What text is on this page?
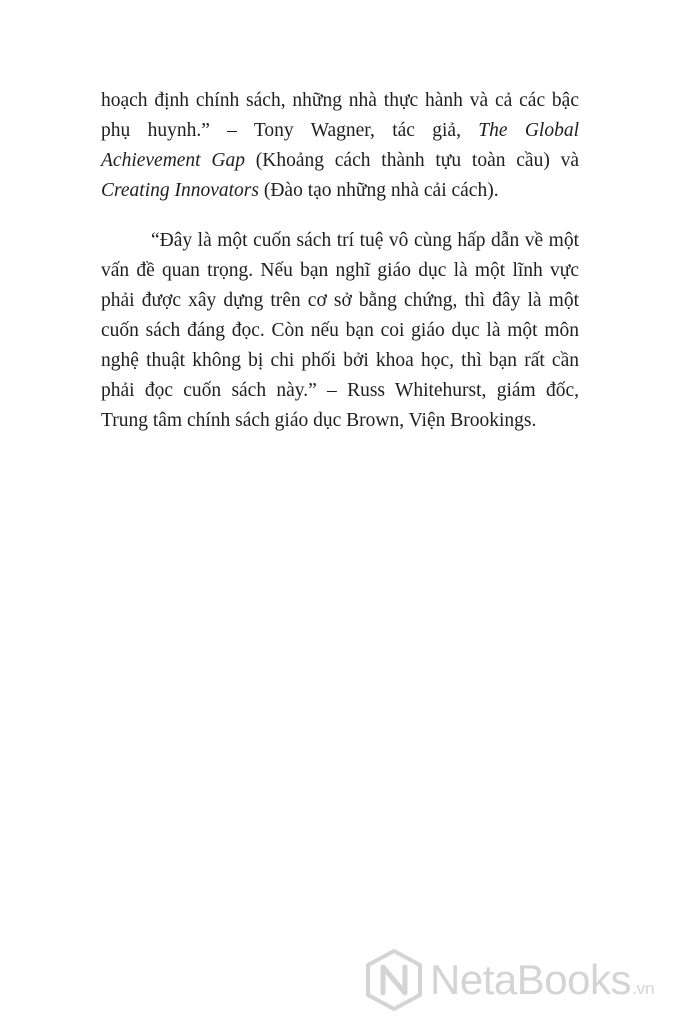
hoạch định chính sách, những nhà thực hành và cả các bậc phụ huynh.” – Tony Wagner, tác giả, The Global Achievement Gap (Khoảng cách thành tựu toàn cầu) và Creating Innovators (Đào tạo những nhà cải cách).

“Đây là một cuốn sách trí tuệ vô cùng hấp dẫn về một vấn đề quan trọng. Nếu bạn nghĩ giáo dục là một lĩnh vực phải được xây dựng trên cơ sở bằng chứng, thì đây là một cuốn sách đáng đọc. Còn nếu bạn coi giáo dục là một môn nghệ thuật không bị chi phối bởi khoa học, thì bạn rất cần phải đọc cuốn sách này.” – Russ Whitehurst, giám đốc, Trung tâm chính sách giáo dục Brown, Viện Brookings.

NetaBooks .vn
